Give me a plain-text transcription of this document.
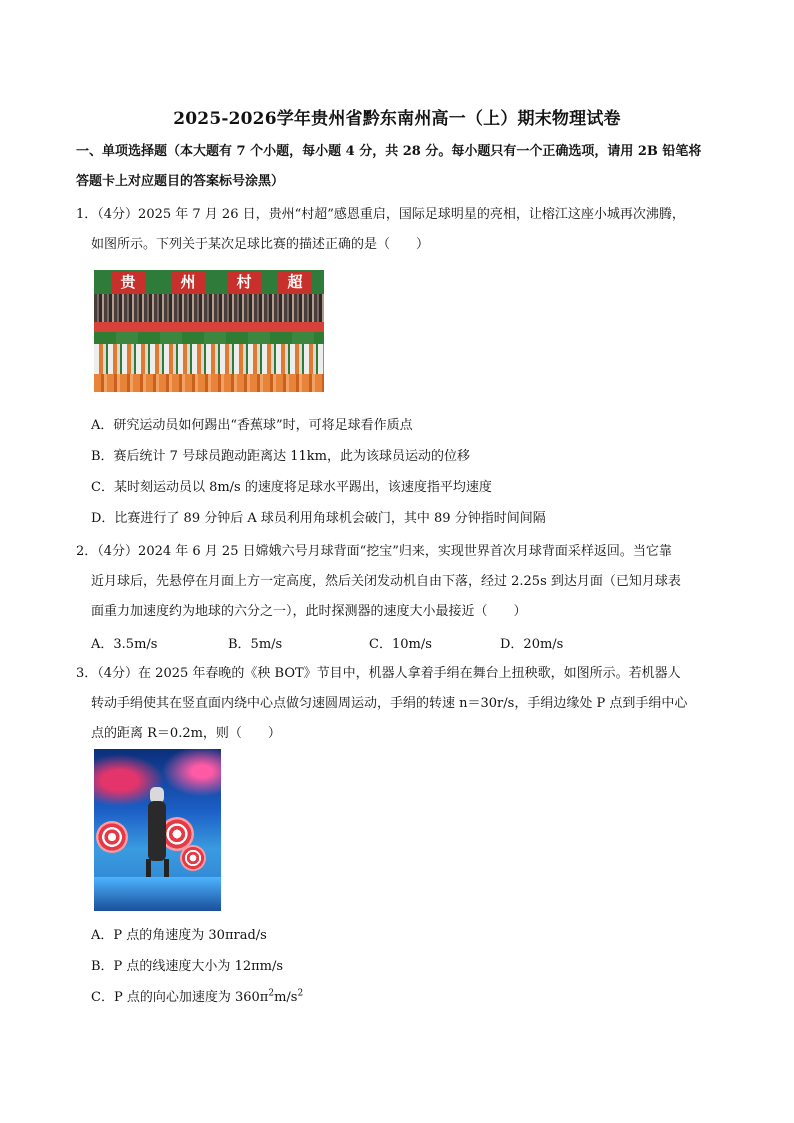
2025-2026学年贵州省黔东南州高一（上）期末物理试卷
一、单项选择题（本大题有 7 个小题，每小题 4 分，共 28 分。每小题只有一个正确选项，请用 2B 铅笔将
答题卡上对应题目的答案标号涂黑）
1．（4分）2025 年 7 月 26 日，贵州“村超”感恩重启，国际足球明星的亮相，让榕江这座小城再次沸腾，
如图所示。下列关于某次足球比赛的描述正确的是（　　）
贵	州	村	超
A．研究运动员如何踢出“香蕉球”时，可将足球看作质点
B．赛后统计 7 号球员跑动距离达 11km，此为该球员运动的位移
C．某时刻运动员以 8m/s 的速度将足球水平踢出，该速度指平均速度
D．比赛进行了 89 分钟后 A 球员利用角球机会破门，其中 89 分钟指时间间隔
2．（4分）2024 年 6 月 25 日嫦娥六号月球背面“挖宝”归来，实现世界首次月球背面采样返回。当它靠
近月球后，先悬停在月面上方一定高度，然后关闭发动机自由下落，经过 2.25s 到达月面（已知月球表
面重力加速度约为地球的六分之一），此时探测器的速度大小最接近（　　）
A．3.5m/s	B．5m/s	C．10m/s	D．20m/s
3．（4分）在 2025 年春晚的《秧 BOT》节目中，机器人拿着手绢在舞台上扭秧歌，如图所示。若机器人
转动手绢使其在竖直面内绕中心点做匀速圆周运动，手绢的转速 n＝30r/s，手绢边缘处 P 点到手绢中心
点的距离 R＝0.2m，则（　　）
A．P 点的角速度为 30πrad/s
B．P 点的线速度大小为 12πm/s
C．P 点的向心加速度为 $360\pi^2m/s^2$
